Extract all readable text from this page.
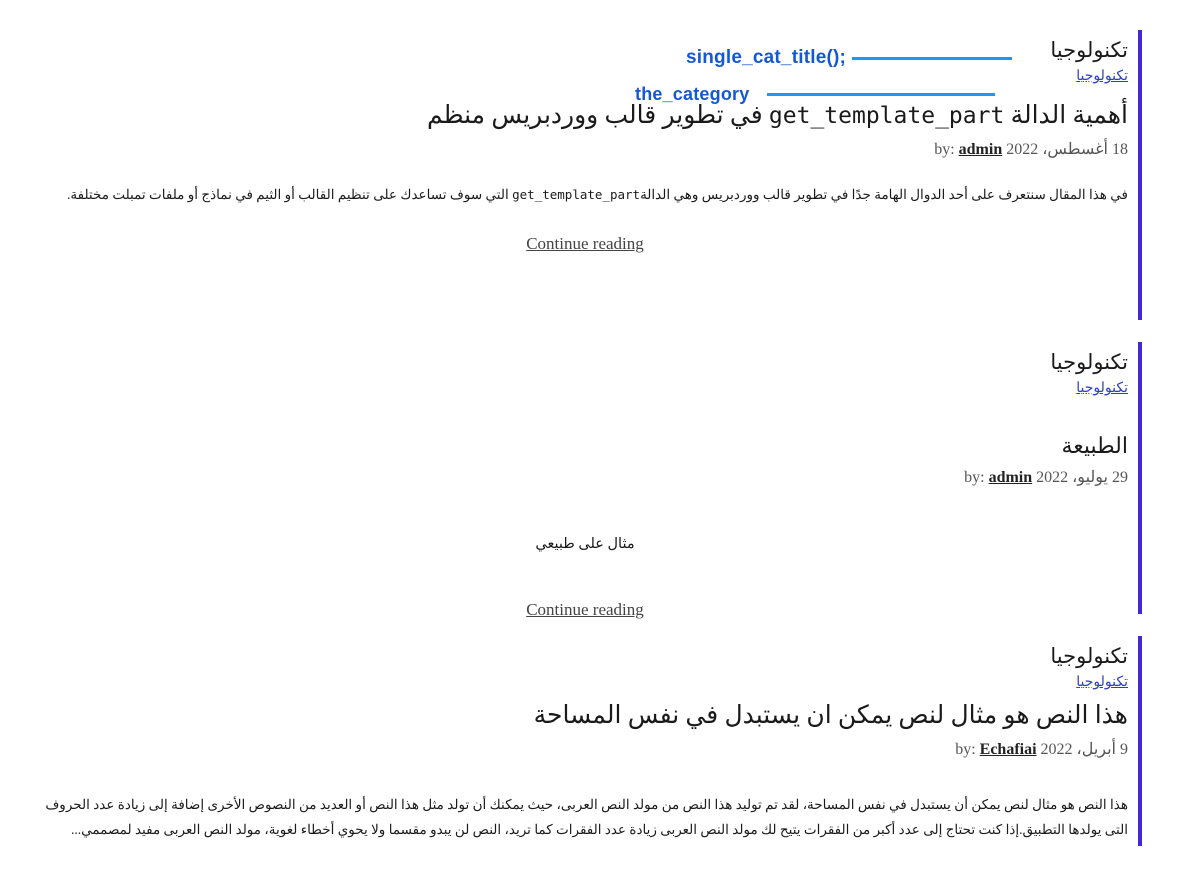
single_cat_title();
the_category
تكنولوجيا

تكنولوجيا

أهمية الدالة get_template_part في تطوير قالب ووردبريس منظم

18 أغسطس، 2022 by: admin

في هذا المقال سنتعرف على أحد الدوال الهامة جدًا في تطوير قالب ووردبريس وهي الدالةget_template_part التي سوف تساعدك على تنظيم القالب أو الثيم في نماذج أو ملفات تمبلت مختلفة.

Continue reading

تكنولوجيا

تكنولوجيا

الطبيعة

29 يوليو، 2022 by: admin

مثال على طبيعي

Continue reading

تكنولوجيا

تكنولوجيا

هذا النص هو مثال لنص يمكن ان يستبدل في نفس المساحة

9 أبريل، 2022 by: Echafiai

هذا النص هو مثال لنص يمكن أن يستبدل في نفس المساحة، لقد تم توليد هذا النص من مولد النص العربى، حيث يمكنك أن تولد مثل هذا النص أو العديد من النصوص الأخرى إضافة إلى زيادة عدد الحروف التى يولدها التطبيق.إذا كنت تحتاج إلى عدد أكبر من الفقرات يتيح لك مولد النص العربى زيادة عدد الفقرات كما تريد، النص لن يبدو مقسما ولا يحوي أخطاء لغوية، مولد النص العربى مفيد لمصممي...
